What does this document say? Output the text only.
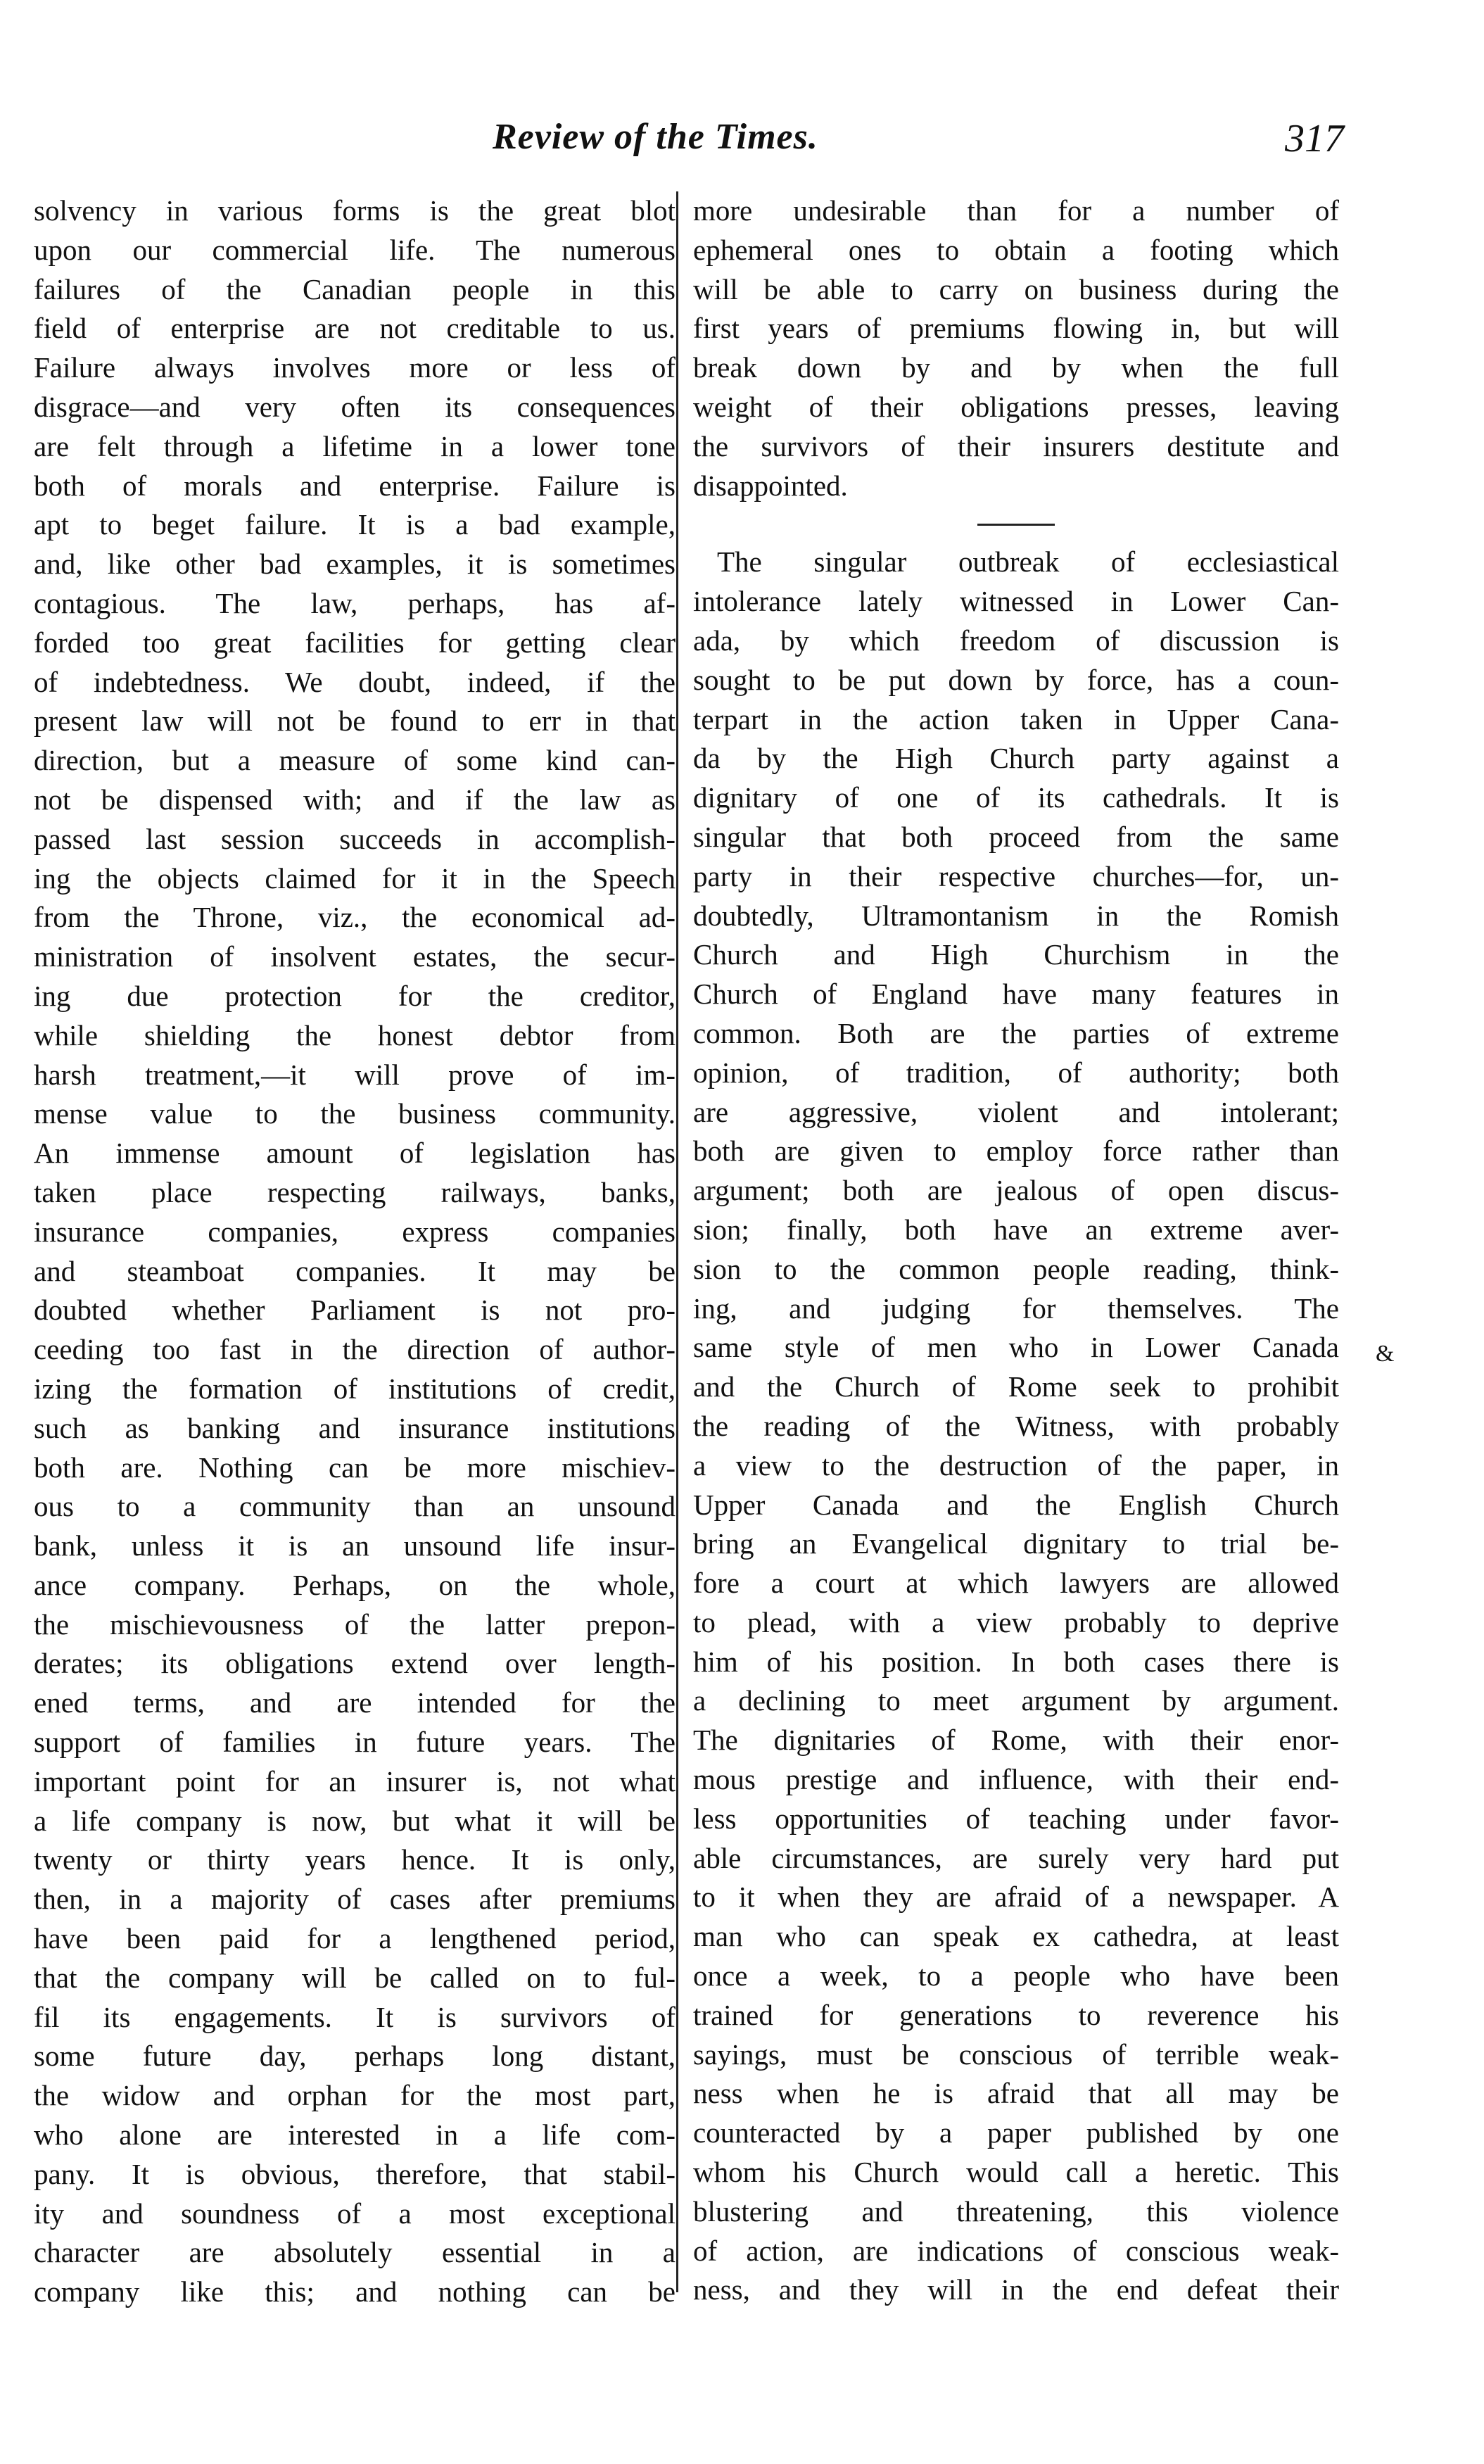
Review of the Times.	317
solvency in various forms is the great blot
upon our commercial life. The numerous
failures of the Canadian people in this
field of enterprise are not creditable to us.
Failure always involves more or less of
disgrace—and very often its consequences
are felt through a lifetime in a lower tone
both of morals and enterprise. Failure is
apt to beget failure. It is a bad example,
and, like other bad examples, it is sometimes
contagious. The law, perhaps, has af-
forded too great facilities for getting clear
of indebtedness. We doubt, indeed, if the
present law will not be found to err in that
direction, but a measure of some kind can-
not be dispensed with; and if the law as
passed last session succeeds in accomplish-
ing the objects claimed for it in the Speech
from the Throne, viz., the economical ad-
ministration of insolvent estates, the secur-
ing due protection for the creditor,
while shielding the honest debtor from
harsh treatment,—it will prove of im-
mense value to the business community.
An immense amount of legislation has
taken place respecting railways, banks,
insurance companies, express companies
and steamboat companies. It may be
doubted whether Parliament is not pro-
ceeding too fast in the direction of author-
izing the formation of institutions of credit,
such as banking and insurance institutions
both are. Nothing can be more mischiev-
ous to a community than an unsound
bank, unless it is an unsound life insur-
ance company. Perhaps, on the whole,
the mischievousness of the latter prepon-
derates; its obligations extend over length-
ened terms, and are intended for the
support of families in future years. The
important point for an insurer is, not what
a life company is now, but what it will be
twenty or thirty years hence. It is only,
then, in a majority of cases after premiums
have been paid for a lengthened period,
that the company will be called on to ful-
fil its engagements. It is survivors of
some future day, perhaps long distant,
the widow and orphan for the most part,
who alone are interested in a life com-
pany. It is obvious, therefore, that stabil-
ity and soundness of a most exceptional
character are absolutely essential in a
company like this; and nothing can be
more undesirable than for a number of
ephemeral ones to obtain a footing which
will be able to carry on business during the
first years of premiums flowing in, but will
break down by and by when the full
weight of their obligations presses, leaving
the survivors of their insurers destitute and
disappointed.
The singular outbreak of ecclesiastical
intolerance lately witnessed in Lower Can-
ada, by which freedom of discussion is
sought to be put down by force, has a coun-
terpart in the action taken in Upper Cana-
da by the High Church party against a
dignitary of one of its cathedrals. It is
singular that both proceed from the same
party in their respective churches—for, un-
doubtedly, Ultramontanism in the Romish
Church and High Churchism in the
Church of England have many features in
common. Both are the parties of extreme
opinion, of tradition, of authority; both
are aggressive, violent and intolerant;
both are given to employ force rather than
argument; both are jealous of open discus-
sion; finally, both have an extreme aver-
sion to the common people reading, think-
ing, and judging for themselves. The
same style of men who in Lower Canada
and the Church of Rome seek to prohibit
the reading of the Witness, with probably
a view to the destruction of the paper, in
Upper Canada and the English Church
bring an Evangelical dignitary to trial be-
fore a court at which lawyers are allowed
to plead, with a view probably to deprive
him of his position. In both cases there is
a declining to meet argument by argument.
The dignitaries of Rome, with their enor-
mous prestige and influence, with their end-
less opportunities of teaching under favor-
able circumstances, are surely very hard put
to it when they are afraid of a newspaper. A
man who can speak ex cathedra, at least
once a week, to a people who have been
trained for generations to reverence his
sayings, must be conscious of terrible weak-
ness when he is afraid that all may be
counteracted by a paper published by one
whom his Church would call a heretic. This
blustering and threatening, this violence
of action, are indications of conscious weak-
ness, and they will in the end defeat their
&
